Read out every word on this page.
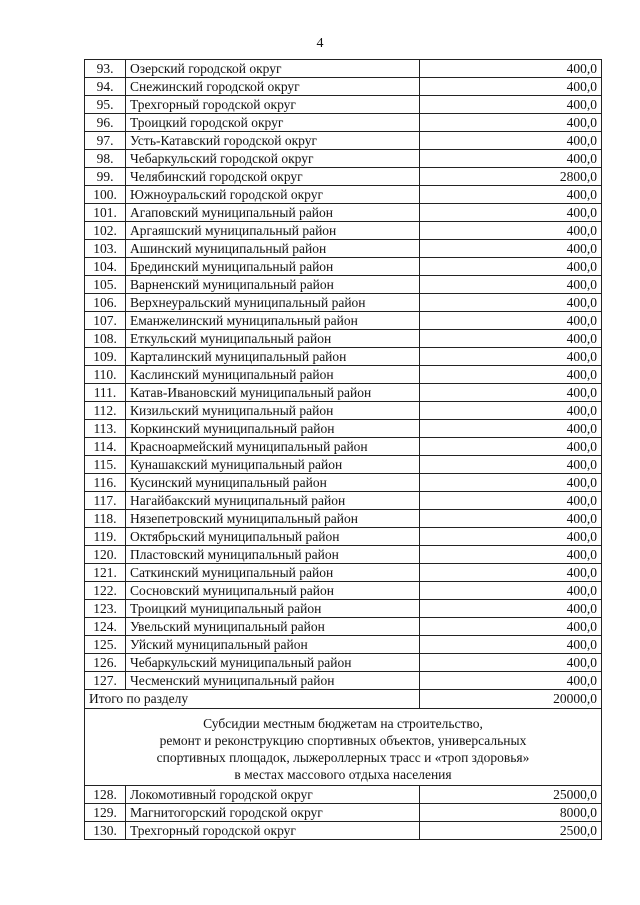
4
93.	Озерский городской округ	400,0
94.	Снежинский городской округ	400,0
95.	Трехгорный городской округ	400,0
96.	Троицкий городской округ	400,0
97.	Усть-Катавский городской округ	400,0
98.	Чебаркульский городской округ	400,0
99.	Челябинский городской округ	2800,0
100.	Южноуральский городской округ	400,0
101.	Агаповский муниципальный район	400,0
102.	Аргаяшский муниципальный район	400,0
103.	Ашинский муниципальный район	400,0
104.	Брединский муниципальный район	400,0
105.	Варненский муниципальный район	400,0
106.	Верхнеуральский муниципальный район	400,0
107.	Еманжелинский муниципальный район	400,0
108.	Еткульский муниципальный район	400,0
109.	Карталинский муниципальный район	400,0
110.	Каслинский муниципальный район	400,0
111.	Катав-Ивановский муниципальный район	400,0
112.	Кизильский муниципальный район	400,0
113.	Коркинский муниципальный район	400,0
114.	Красноармейский муниципальный район	400,0
115.	Кунашакский муниципальный район	400,0
116.	Кусинский муниципальный район	400,0
117.	Нагайбакский муниципальный район	400,0
118.	Нязепетровский муниципальный район	400,0
119.	Октябрьский муниципальный район	400,0
120.	Пластовский муниципальный район	400,0
121.	Саткинский муниципальный район	400,0
122.	Сосновский муниципальный район	400,0
123.	Троицкий муниципальный район	400,0
124.	Увельский муниципальный район	400,0
125.	Уйский муниципальный район	400,0
126.	Чебаркульский муниципальный район	400,0
127.	Чесменский муниципальный район	400,0
Итого по разделу		20000,0

Субсидии местным бюджетам на строительство,
ремонт и реконструкцию спортивных объектов, универсальных
спортивных площадок, лыжероллерных трасс и «троп здоровья»
в местах массового отдыха населения		

128.	Локомотивный городской округ	25000,0
129.	Магнитогорский городской округ	8000,0
130.	Трехгорный городской округ	2500,0
